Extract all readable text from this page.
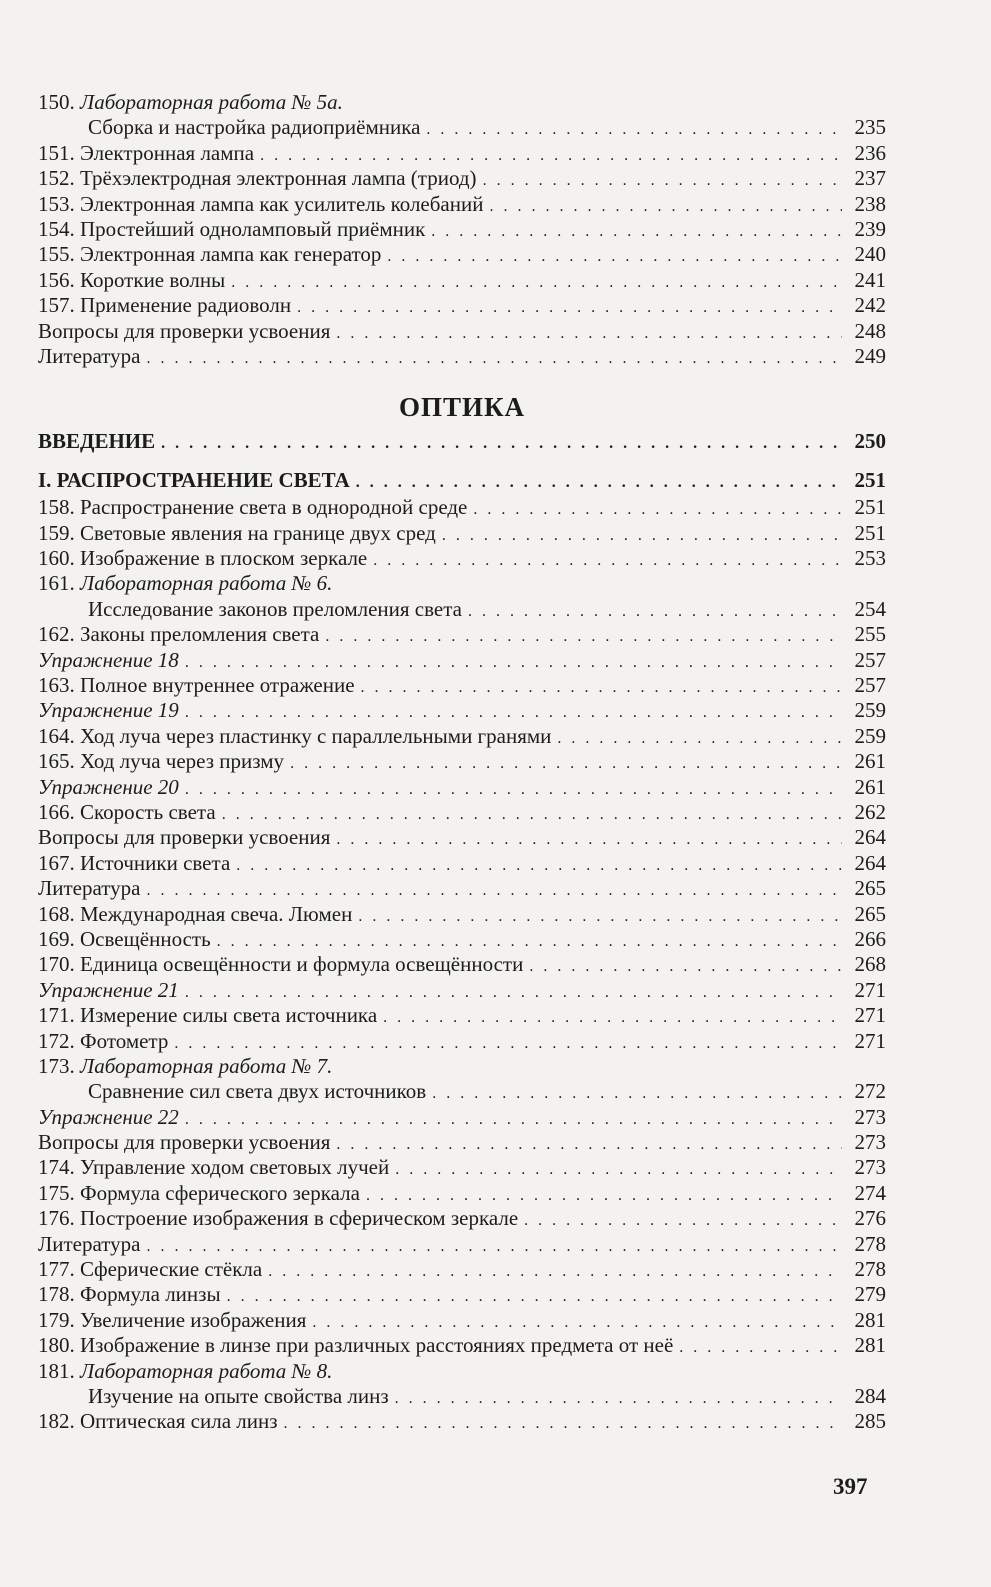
150. Лабораторная работа № 5а.
Сборка и настройка радиоприёмника . . .	235
151. Электронная лампа . . .	236
152. Трёхэлектродная электронная лампа (триод) . . .	237
153. Электронная лампа как усилитель колебаний . . .	238
154. Простейший одноламповый приёмник . . .	239
155. Электронная лампа как генератор . . .	240
156. Короткие волны . . .	241
157. Применение радиоволн . . .	242
Вопросы для проверки усвоения . . .	248
Литература . . .	249
ОПТИКА
ВВЕДЕНИЕ . . .	250
I. РАСПРОСТРАНЕНИЕ СВЕТА . . .	251
158. Распространение света в однородной среде . . .	251
159. Световые явления на границе двух сред . . .	251
160. Изображение в плоском зеркале . . .	253
161. Лабораторная работа № 6.
Исследование законов преломления света . . .	254
162. Законы преломления света . . .	255
Упражнение 18 . . .	257
163. Полное внутреннее отражение . . .	257
Упражнение 19 . . .	259
164. Ход луча через пластинку с параллельными гранями . . .	259
165. Ход луча через призму . . .	261
Упражнение 20 . . .	261
166. Скорость света . . .	262
Вопросы для проверки усвоения . . .	264
167. Источники света . . .	264
Литература . . .	265
168. Международная свеча. Люмен . . .	265
169. Освещённость . . .	266
170. Единица освещённости и формула освещённости . . .	268
Упражнение 21 . . .	271
171. Измерение силы света источника . . .	271
172. Фотометр . . .	271
173. Лабораторная работа № 7.
Сравнение сил света двух источников . . .	272
Упражнение 22 . . .	273
Вопросы для проверки усвоения . . .	273
174. Управление ходом световых лучей . . .	273
175. Формула сферического зеркала . . .	274
176. Построение изображения в сферическом зеркале . . .	276
Литература . . .	278
177. Сферические стёкла . . .	278
178. Формула линзы . . .	279
179. Увеличение изображения . . .	281
180. Изображение в линзе при различных расстояниях предмета от неё . . .	281
181. Лабораторная работа № 8.
Изучение на опыте свойства линз . . .	284
182. Оптическая сила линз . . .	285
397
